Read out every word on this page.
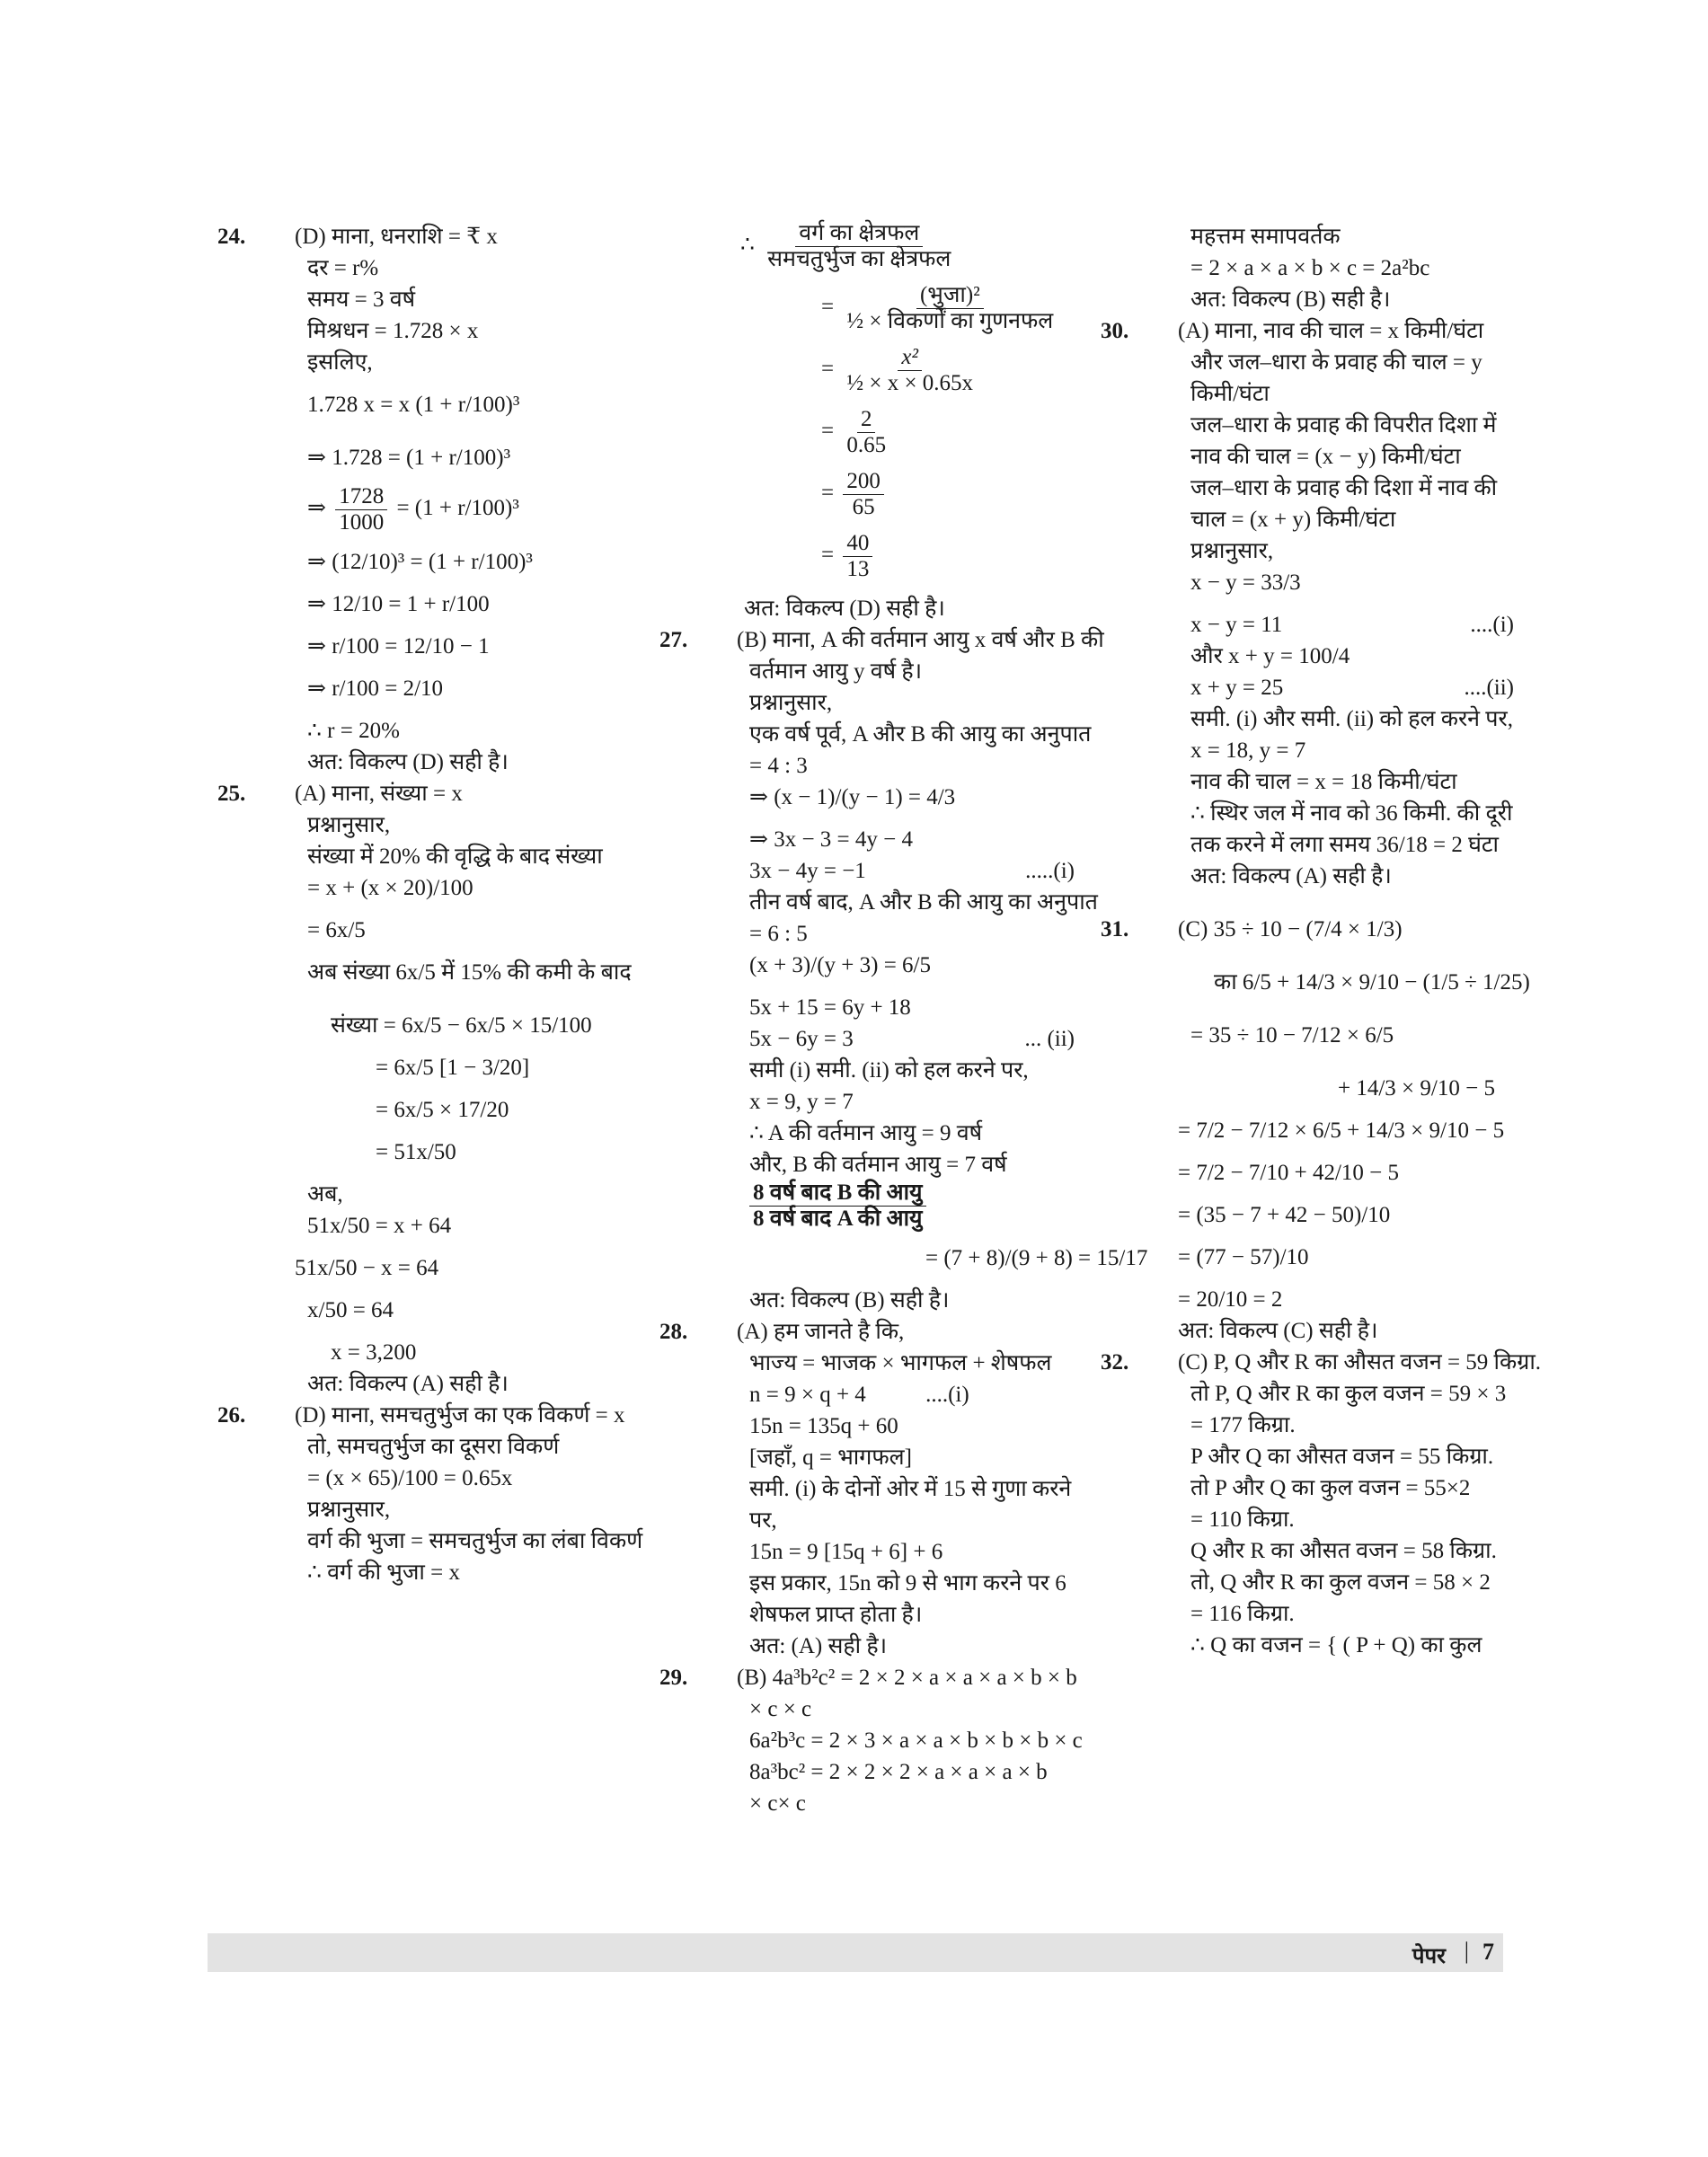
24. (D) माना, धनराशि = ₹ x
दर = r%
समय = 3 वर्ष
मिश्रधन = 1.728 × x
इसलिए,
1.728 x = x (1 + r/100)³
⇒ 1.728 = (1 + r/100)³
⇒ $\frac{1728}{1000} = (1 + r/100)^3$
⇒ (12/10)³ = (1 + r/100)³
⇒ 12/10 = 1 + r/100
⇒ r/100 = 12/10 − 1
⇒ r/100 = 2/10
∴ r = 20%
अत: विकल्प (D) सही है।
25. (A) माना, संख्या = x
प्रश्नानुसार,
संख्या में 20% की वृद्धि के बाद संख्या
= x + (x × 20)/100
= 6x/5
अब संख्या 6x/5 में 15% की कमी के बाद
संख्या = 6x/5 − 6x/5 × 15/100
= 6x/5 [1 − 3/20]
= 6x/5 × 17/20
= 51x/50
अब,
51x/50 = x + 64
51x/50 − x = 64
x/50 = 64
x = 3,200
अत: विकल्प (A) सही है।
26. (D) माना, समचतुर्भुज का एक विकर्ण = x
तो, समचतुर्भुज का दूसरा विकर्ण
= (x × 65)/100 = 0.65x
प्रश्नानुसार,
वर्ग की भुजा = समचतुर्भुज का लंबा विकर्ण
∴ वर्ग की भुजा = x
∴ $\frac{\text{वर्ग का क्षेत्रफल}}{\text{समचतुर्भुज का क्षेत्रफल}}$
= $\frac{\text{(भुजा)²}}{\text{½ × विकर्णों का गुणनफल}}$
= $\frac{\text{x²}}{\text{½ × x × 0.65x}}$
= $\frac{2}{0.65}$
= $\frac{200}{65}$
= $\frac{40}{13}$
अत: विकल्प (D) सही है।
27. (B) माना, A की वर्तमान आयु x वर्ष और B की
वर्तमान आयु y वर्ष है।
प्रश्नानुसार,
एक वर्ष पूर्व, A और B की आयु का अनुपात
= 4 : 3
⇒ (x − 1)/(y − 1) = 4/3
⇒ 3x − 3 = 4y − 4
3x − 4y = −1	.....(i)
तीन वर्ष बाद, A और B की आयु का अनुपात
= 6 : 5
(x + 3)/(y + 3) = 6/5
5x + 15 = 6y + 18
5x − 6y = 3	... (ii)
समी (i) समी. (ii) को हल करने पर,
x = 9, y = 7
∴ A की वर्तमान आयु = 9 वर्ष
और, B की वर्तमान आयु = 7 वर्ष
$\frac{\text{8 वर्ष बाद B की आयु}}{\text{8 वर्ष बाद A की आयु}}$
= (7 + 8)/(9 + 8) = 15/17
अत: विकल्प (B) सही है।
28. (A) हम जानते है कि,
भाज्य = भाजक × भागफल + शेषफल
n = 9 × q + 4	....(i)
15n = 135q + 60
[जहाँ, q = भागफल]
समी. (i) के दोनों ओर में 15 से गुणा करने
पर,
15n = 9 [15q + 6] + 6
इस प्रकार, 15n को 9 से भाग करने पर 6
शेषफल प्राप्त होता है।
अत: (A) सही है।
29. (B) 4a³b²c² = 2 × 2 × a × a × a × b × b
× c × c
6a²b³c = 2 × 3 × a × a × b × b × b × c
8a³bc² = 2 × 2 × 2 × a × a × a × b
× c× c
महत्तम समापवर्तक
= 2 × a × a × b × c = 2a²bc
अत: विकल्प (B) सही है।
30. (A) माना, नाव की चाल = x किमी/घंटा
और जल–धारा के प्रवाह की चाल = y
किमी/घंटा
जल–धारा के प्रवाह की विपरीत दिशा में
नाव की चाल = (x − y) किमी/घंटा
जल–धारा के प्रवाह की दिशा में नाव की
चाल = (x + y) किमी/घंटा
प्रश्नानुसार,
x − y = 33/3
x − y = 11	....(i)
और x + y = 100/4
x + y = 25	....(ii)
समी. (i) और समी. (ii) को हल करने पर,
x = 18, y = 7
नाव की चाल = x = 18 किमी/घंटा
∴ स्थिर जल में नाव को 36 किमी. की दूरी
तक करने में लगा समय 36/18 = 2 घंटा
अत: विकल्प (A) सही है।
31. (C) 35 ÷ 10 − (7/4 × 1/3)
का 6/5 + 14/3 × 9/10 − (1/5 ÷ 1/25)
= 35 ÷ 10 − 7/12 × 6/5
+ 14/3 × 9/10 − 5
= 7/2 − 7/12 × 6/5 + 14/3 × 9/10 − 5
= 7/2 − 7/10 + 42/10 − 5
= (35 − 7 + 42 − 50)/10
= (77 − 57)/10
= 20/10 = 2
अत: विकल्प (C) सही है।
32. (C) P, Q और R का औसत वजन = 59 किग्रा.
तो P, Q और R का कुल वजन = 59 × 3
= 177 किग्रा.
P और Q का औसत वजन = 55 किग्रा.
तो P और Q का कुल वजन = 55×2
= 110 किग्रा.
Q और R का औसत वजन = 58 किग्रा.
तो, Q और R का कुल वजन = 58 × 2
= 116 किग्रा.
∴ Q का वजन = { ( P + Q) का कुल
पेपर | 7
